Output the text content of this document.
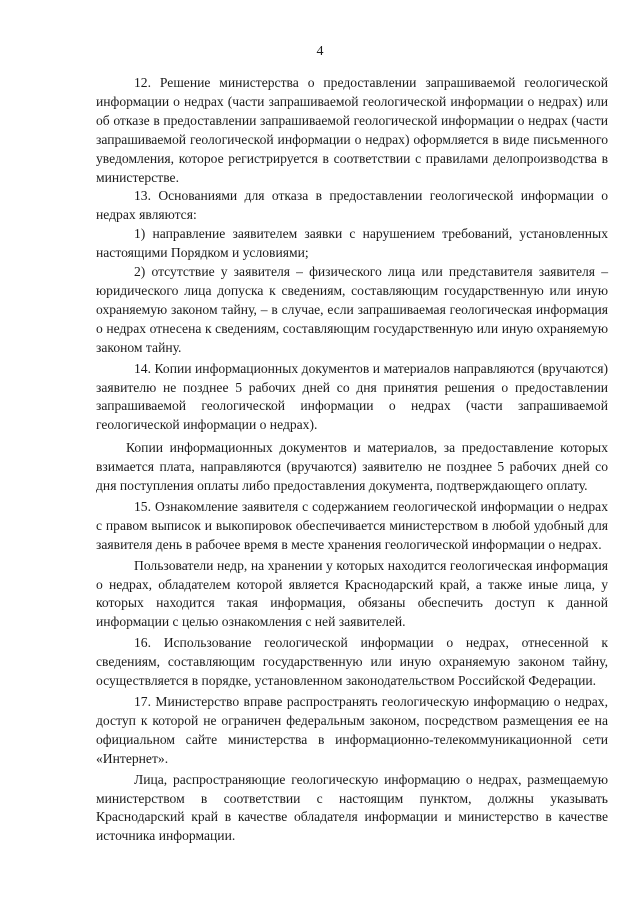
4

12. Решение министерства о предоставлении запрашиваемой геологической информации о недрах (части запрашиваемой геологической информации о недрах) или об отказе в предоставлении запрашиваемой геологической информации о недрах (части запрашиваемой геологической информации о недрах) оформляется в виде письменного уведомления, которое регистрируется в соответствии с правилами делопроизводства в министерстве.

13. Основаниями для отказа в предоставлении геологической информации о недрах являются:

1) направление заявителем заявки с нарушением требований, установленных настоящими Порядком и условиями;

2) отсутствие у заявителя – физического лица или представителя заявителя – юридического лица допуска к сведениям, составляющим государственную или иную охраняемую законом тайну, – в случае, если запрашиваемая геологическая информация о недрах отнесена к сведениям, составляющим государственную или иную охраняемую законом тайну.

14. Копии информационных документов и материалов направляются (вручаются) заявителю не позднее 5 рабочих дней со дня принятия решения о предоставлении запрашиваемой геологической информации о недрах (части запрашиваемой геологической информации о недрах).

Копии информационных документов и материалов, за предоставление которых взимается плата, направляются (вручаются) заявителю не позднее 5 рабочих дней со дня поступления оплаты либо предоставления документа, подтверждающего оплату.

15. Ознакомление заявителя с содержанием геологической информации о недрах с правом выписок и выкопировок обеспечивается министерством в любой удобный для заявителя день в рабочее время в месте хранения геологической информации о недрах.

Пользователи недр, на хранении у которых находится геологическая информация о недрах, обладателем которой является Краснодарский край, а также иные лица, у которых находится такая информация, обязаны обеспечить доступ к данной информации с целью ознакомления с ней заявителей.

16. Использование геологической информации о недрах, отнесенной к сведениям, составляющим государственную или иную охраняемую законом тайну, осуществляется в порядке, установленном законодательством Российской Федерации.

17. Министерство вправе распространять геологическую информацию о недрах, доступ к которой не ограничен федеральным законом, посредством размещения ее на официальном сайте министерства в информационно-телекоммуникационной сети «Интернет».

Лица, распространяющие геологическую информацию о недрах, размещаемую министерством в соответствии с настоящим пунктом, должны указывать Краснодарский край в качестве обладателя информации и министерство в качестве источника информации.
